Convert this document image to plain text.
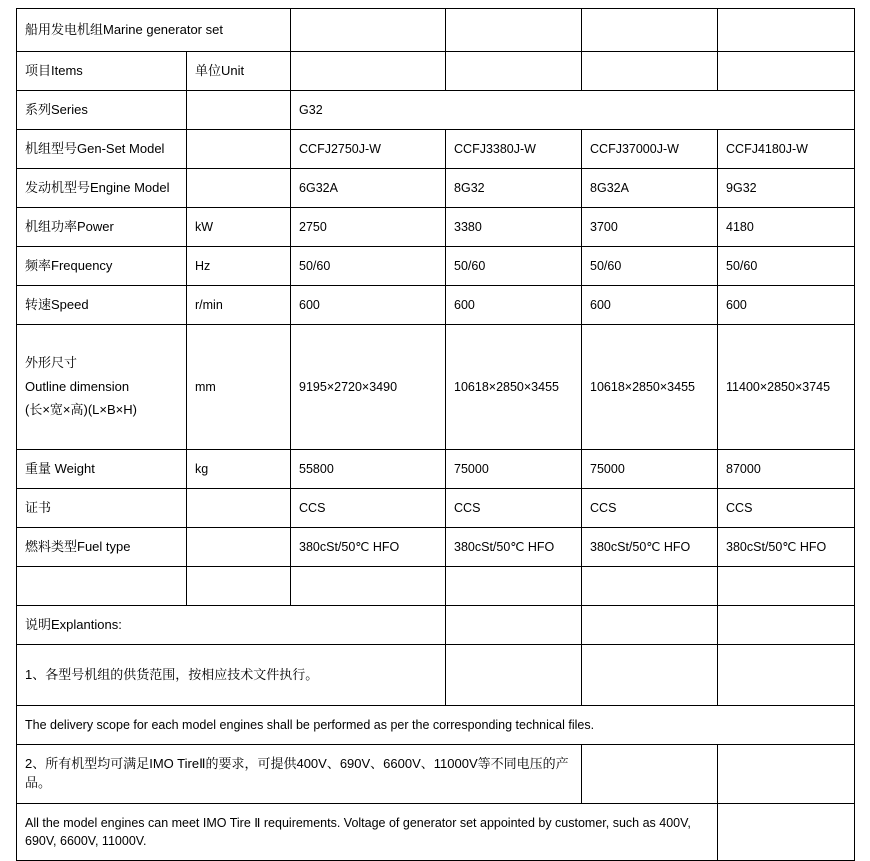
船用发电机组Marine generator set					
项目Items	单位Unit				
系列Series		G32			
机组型号Gen-Set Model		CCFJ2750J-W	CCFJ3380J-W	CCFJ37000J-W	CCFJ4180J-W
发动机型号Engine Model		6G32A	8G32	8G32A	9G32
机组功率Power	kW	2750	3380	3700	4180
频率Frequency	Hz	50/60	50/60	50/60	50/60
转速Speed	r/min	600	600	600	600

外形尺寸
Outline dimension
(长×宽×高)(L×B×H)	mm	9195×2720×3490	10618×2850×3455	10618×2850×3455	11400×2850×3745
重量 Weight	kg	55800	75000	75000	87000
证书		CCS	CCS	CCS	CCS
燃料类型Fuel type		380cSt/50℃ HFO	380cSt/50℃ HFO	380cSt/50℃ HFO	380cSt/50℃ HFO

说明Explantions:					
1、各型号机组的供货范围，按相应技术文件执行。					
The delivery scope for each model engines shall be performed as per the corresponding technical files.					
2、所有机型均可满足IMO TireⅡ的要求，可提供400V、690V、6600V、11000V等不同电压的产品。					
All the model engines can meet IMO Tire Ⅱ requirements. Voltage of generator set appointed by customer, such as 400V, 690V, 6600V, 11000V.					
